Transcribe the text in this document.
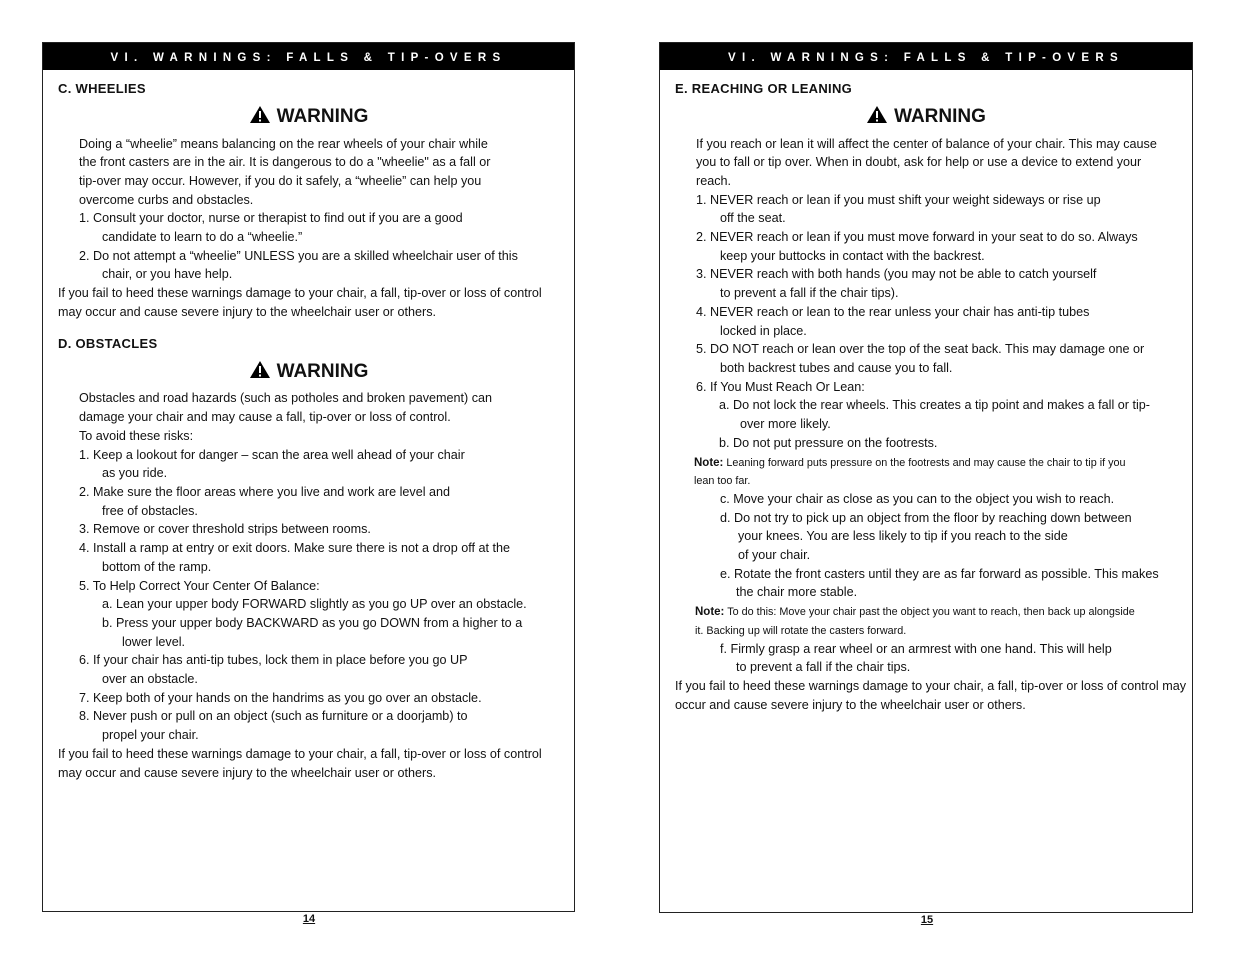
VI. WARNINGS: FALLS & TIP-OVERS
C. WHEELIES
WARNING
Doing a “wheelie” means balancing on the rear wheels of your chair while
the front casters are in the air. It is dangerous to do a "wheelie" as a fall or
tip-over may occur. However, if you do it safely, a “wheelie” can help you
overcome curbs and obstacles.
1. Consult your doctor, nurse or therapist to find out if you are a good
candidate to learn to do a “wheelie.”
2. Do not attempt a “wheelie” UNLESS you are a skilled wheelchair user of this
chair, or you have help.
If you fail to heed these warnings damage to your chair, a fall, tip-over or loss of control
may occur and cause severe injury to the wheelchair user or others.
D. OBSTACLES
WARNING
Obstacles and road hazards (such as potholes and broken pavement) can
damage your chair and may cause a fall, tip-over or loss of control.
To avoid these risks:
1. Keep a lookout for danger – scan the area well ahead of your chair
as you ride.
2. Make sure the floor areas where you live and work are level and
free of obstacles.
3. Remove or cover threshold strips between rooms.
4. Install a ramp at entry or exit doors. Make sure there is not a drop off at the
bottom of the ramp.
5. To Help Correct Your Center Of Balance:
a. Lean your upper body FORWARD slightly as you go UP over an obstacle.
b. Press your upper body BACKWARD as you go DOWN from a higher to a
lower level.
6. If your chair has anti-tip tubes, lock them in place before you go UP
over an obstacle.
7. Keep both of your hands on the handrims as you go over an obstacle.
8. Never push or pull on an object (such as furniture or a doorjamb) to
propel your chair.
If you fail to heed these warnings damage to your chair, a fall, tip-over or loss of control
may occur and cause severe injury to the wheelchair user or others.
14
VI. WARNINGS: FALLS & TIP-OVERS
E. REACHING OR LEANING
WARNING
If you reach or lean it will affect the center of balance of your chair. This may cause
you to fall or tip over. When in doubt, ask for help or use a device to extend your
reach.
1. NEVER reach or lean if you must shift your weight sideways or rise up
off the seat.
2. NEVER reach or lean if you must move forward in your seat to do so. Always
keep your buttocks in contact with the backrest.
3. NEVER reach with both hands (you may not be able to catch yourself
to prevent a fall if the chair tips).
4. NEVER reach or lean to the rear unless your chair has anti-tip tubes
locked in place.
5. DO NOT reach or lean over the top of the seat back. This may damage one or
both backrest tubes and cause you to fall.
6. If You Must Reach Or Lean:
a. Do not lock the rear wheels. This creates a tip point and makes a fall or tip-
over more likely.
b. Do not put pressure on the footrests.
Note: Leaning forward puts pressure on the footrests and may cause the chair to tip if you
lean too far.
c. Move your chair as close as you can to the object you wish to reach.
d. Do not try to pick up an object from the floor by reaching down between
your knees. You are less likely to tip if you reach to the side
of your chair.
e. Rotate the front casters until they are as far forward as possible. This makes
the chair more stable.
Note: To do this: Move your chair past the object you want to reach, then back up alongside
it. Backing up will rotate the casters forward.
f. Firmly grasp a rear wheel or an armrest with one hand. This will help
to prevent a fall if the chair tips.
If you fail to heed these warnings damage to your chair, a fall, tip-over or loss of control may
occur and cause severe injury to the wheelchair user or others.
15
